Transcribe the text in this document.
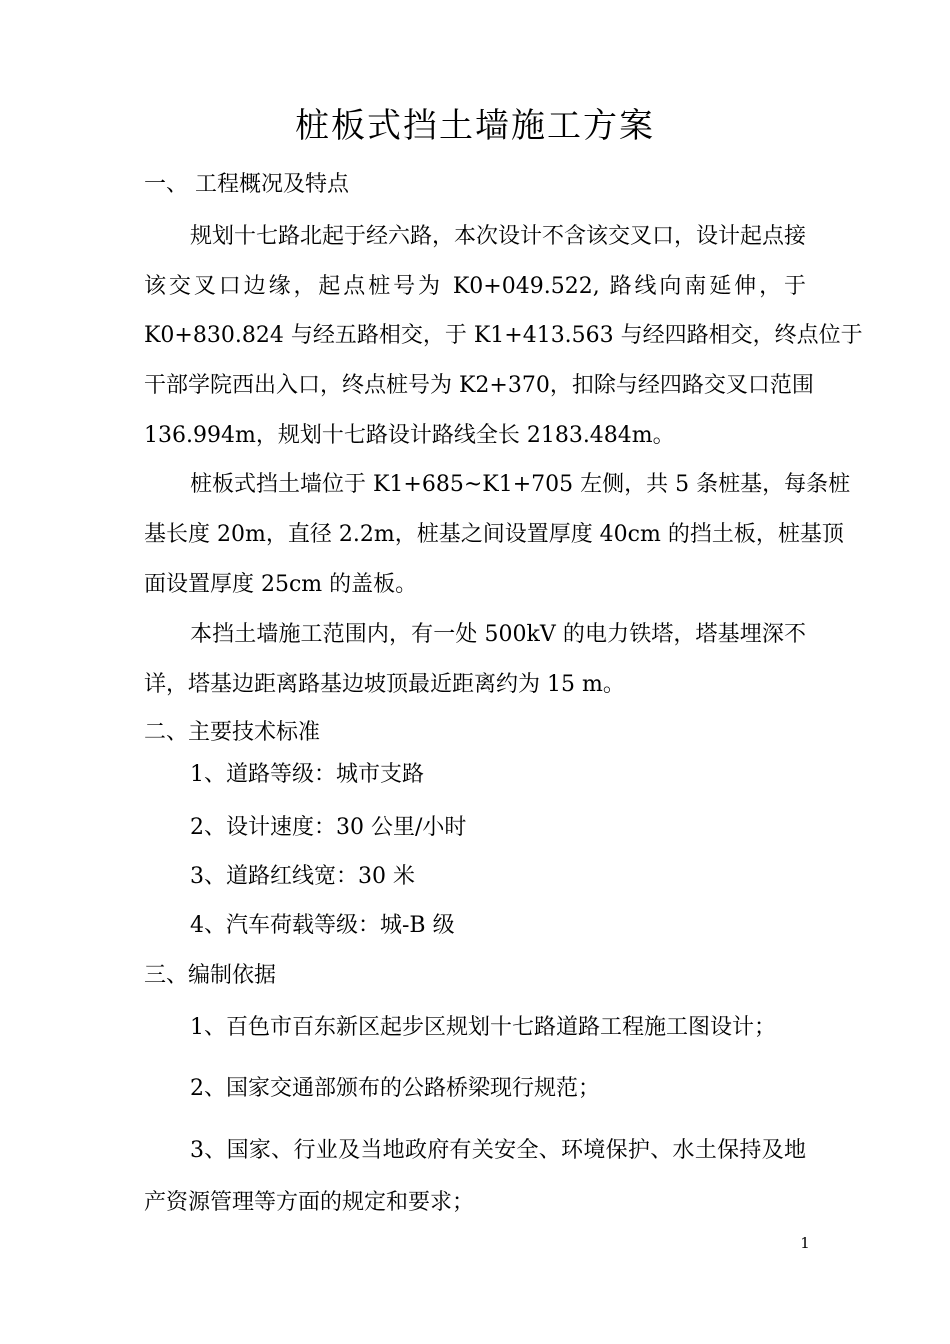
桩板式挡土墙施工方案
一、 工程概况及特点
规划十七路北起于经六路，本次设计不含该交叉口，设计起点接
该交叉口边缘，起点桩号为 K0+049.522, 路线向南延伸，于
K0+830.824 与经五路相交，于 K1+413.563 与经四路相交，终点位于
干部学院西出入口，终点桩号为 K2+370，扣除与经四路交叉口范围
136.994m，规划十七路设计路线全长 2183.484m。
桩板式挡土墙位于 K1+685~K1+705 左侧，共 5 条桩基，每条桩
基长度 20m，直径 2.2m，桩基之间设置厚度 40cm 的挡土板，桩基顶
面设置厚度 25cm 的盖板。
本挡土墙施工范围内，有一处 500kV 的电力铁塔，塔基埋深不
详，塔基边距离路基边坡顶最近距离约为 15 m。
二、主要技术标准
1、道路等级：城市支路
2、设计速度：30 公里/小时
3、道路红线宽：30 米
4、汽车荷载等级：城-B 级
三、编制依据
1、百色市百东新区起步区规划十七路道路工程施工图设计；
2、国家交通部颁布的公路桥梁现行规范；
3、国家、行业及当地政府有关安全、环境保护、水土保持及地
产资源管理等方面的规定和要求；
1
